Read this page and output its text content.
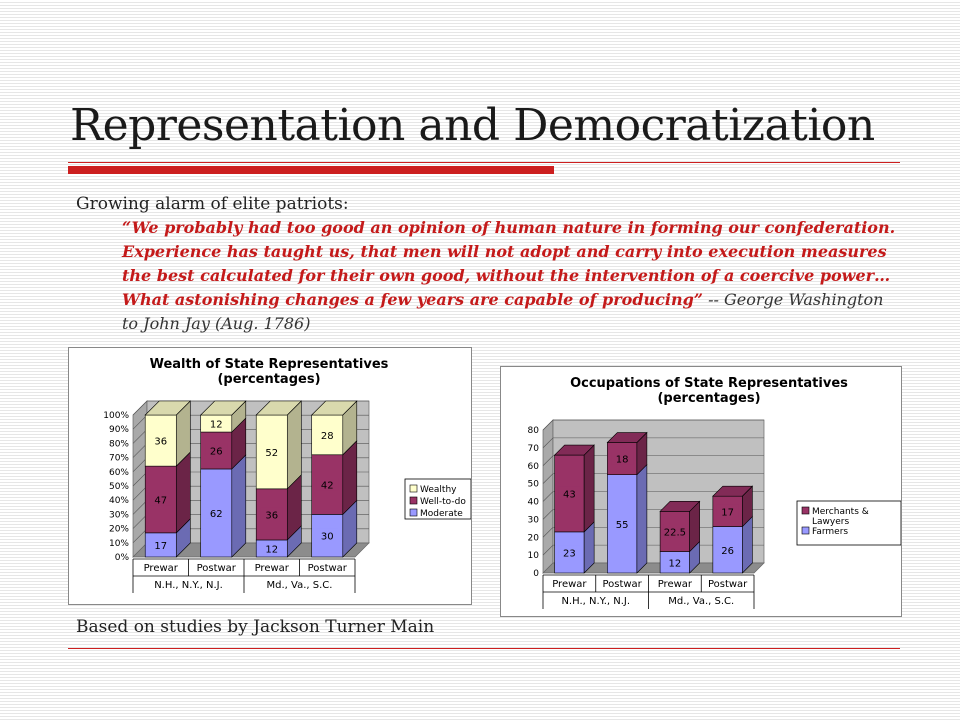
Representation and Democratization
Growing alarm of elite patriots:
“We probably had too good an opinion of human nature in forming our confederation. Experience has taught us, that men will not adopt and carry into execution measures the best calculated for their own good, without the intervention of a coercive power… What astonishing changes a few years are capable of producing” -- George Washington to John Jay (Aug. 1786)
Wealth of State Representatives
(percentages)
0%
10%
20%
30%
40%
50%
60%
70%
80%
90%
100%
17
47
36
62
26
12
12
36
52
30
42
28
Prewar Postwar Prewar Postwar
N.H., N.Y., N.J.	Md., Va., S.C.
Wealthy
Well-to-do
Moderate
Occupations of State Representatives
(percentages)
0
10
20
30
40
50
60
70
80
23
43
55
18
12
22.5
26
17
Prewar Postwar Prewar Postwar
N.H., N.Y., N.J.	Md., Va., S.C.
Merchants & Lawyers
Farmers
Based on studies by Jackson Turner Main
